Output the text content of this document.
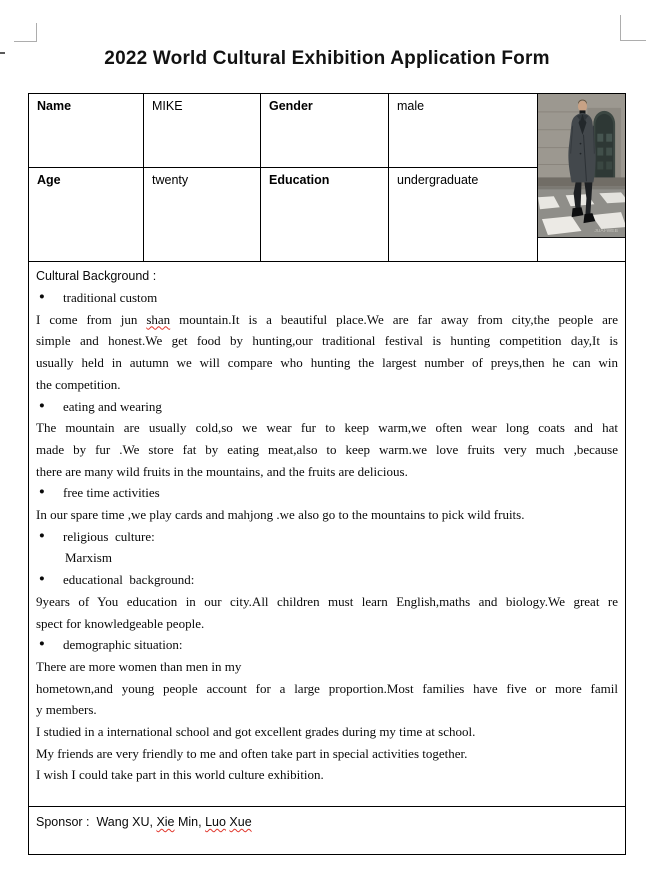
2022 World Cultural Exhibition Application Form
Name	MIKE	Gender	male
Age	twenty	Education	undergraduate
JUAI-WEB
Cultural Background :
●	traditional custom
I come from jun shan mountain.It is a beautiful place.We are far away from city,the people are
simple and honest.We get food by hunting,our traditional festival is hunting competition day,It is
usually held in autumn we will compare who hunting the largest number of preys,then he can win
the competition.
●	eating and wearing
The mountain are usually cold,so we wear fur to keep warm,we often wear long coats and hat
made by fur .We store fat by eating meat,also to keep warm.we love fruits very much ,because
there are many wild fruits in the mountains, and the fruits are delicious.
●	free time activities
In our spare time ,we play cards and mahjong .we also go to the mountains to pick wild fruits.
●	religious  culture:
Marxism
●	educational  background:
9years of You education in our city.All children must learn English,maths and biology.We great re
spect for knowledgeable people.
●	demographic situation:
There are more women than men in my
hometown,and young people account for a large proportion.Most families have five or more famil
y members.
I studied in a international school and got excellent grades during my time at school.
My friends are very friendly to me and often take part in special activities together.
I wish I could take part in this world culture exhibition.
Sponsor :  Wang XU, Xie Min, Luo Xue
